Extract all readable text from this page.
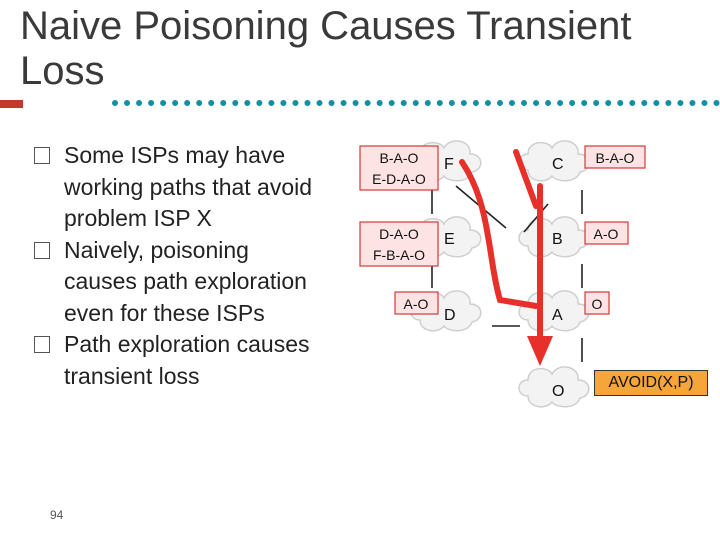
Naive Poisoning Causes Transient Loss
Some ISPs may have working paths that avoid problem ISP X
Naively, poisoning causes path exploration even for these ISPs
Path exploration causes transient loss
F
E
D
C
B
A
O
B-A-O
E-D-A-O
D-A-O
F-B-A-O
A-O
B-A-O
A-O
O
AVOID(X,P)
94
